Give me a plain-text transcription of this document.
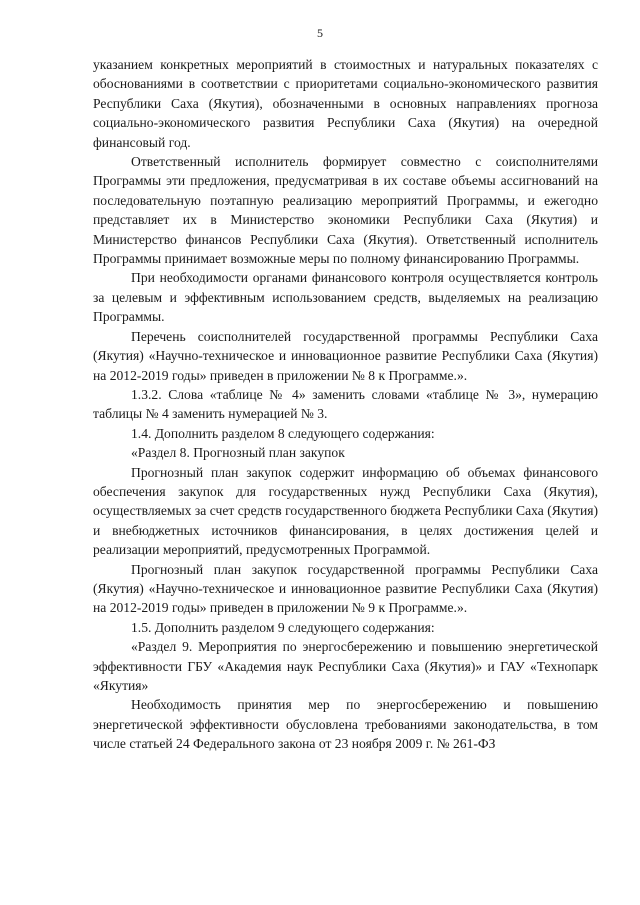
5

указанием конкретных мероприятий в стоимостных и натуральных показателях с обоснованиями в соответствии с приоритетами социально-экономического развития Республики Саха (Якутия), обозначенными в основных направлениях прогноза социально-экономического развития Республики Саха (Якутия) на очередной финансовый год.

Ответственный исполнитель формирует совместно с соисполнителями Программы эти предложения, предусматривая в их составе объемы ассигнований на последовательную поэтапную реализацию мероприятий Программы, и ежегодно представляет их в Министерство экономики Республики Саха (Якутия) и Министерство финансов Республики Саха (Якутия). Ответственный исполнитель Программы принимает возможные меры по полному финансированию Программы.

При необходимости органами финансового контроля осуществляется контроль за целевым и эффективным использованием средств, выделяемых на реализацию Программы.

Перечень соисполнителей государственной программы Республики Саха (Якутия) «Научно-техническое и инновационное развитие Республики Саха (Якутия) на 2012-2019 годы» приведен в приложении № 8 к Программе.».

1.3.2. Слова «таблице № 4» заменить словами «таблице № 3», нумерацию таблицы № 4 заменить нумерацией № 3.

1.4. Дополнить разделом 8 следующего содержания:

«Раздел 8. Прогнозный план закупок

Прогнозный план закупок содержит информацию об объемах финансового обеспечения закупок для государственных нужд Республики Саха (Якутия), осуществляемых за счет средств государственного бюджета Республики Саха (Якутия) и внебюджетных источников финансирования, в целях достижения целей и реализации мероприятий, предусмотренных Программой.

Прогнозный план закупок государственной программы Республики Саха (Якутия) «Научно-техническое и инновационное развитие Республики Саха (Якутия) на 2012-2019 годы» приведен в приложении № 9 к Программе.».

1.5. Дополнить разделом 9 следующего содержания:

«Раздел 9. Мероприятия по энергосбережению и повышению энергетической эффективности ГБУ «Академия наук Республики Саха (Якутия)» и ГАУ «Технопарк «Якутия»

Необходимость принятия мер по энергосбережению и повышению энергетической эффективности обусловлена требованиями законодательства, в том числе статьей 24 Федерального закона от 23 ноября 2009 г. № 261-ФЗ
